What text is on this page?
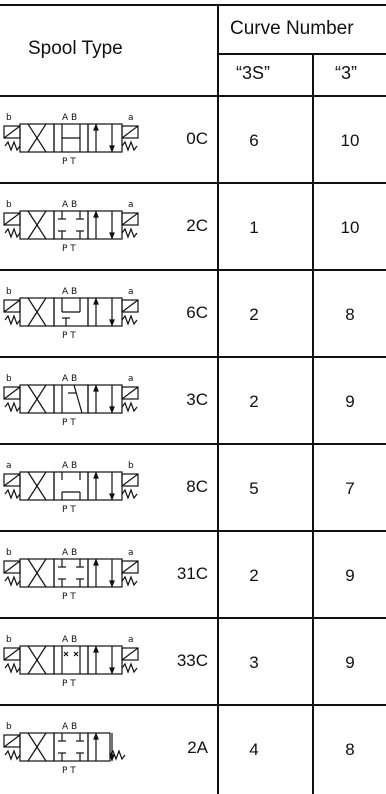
Spool Type
Curve Number
“3S”	“3”
b	a
A B
P T
0C	6	10
b	a
A B
P T
2C	1	10
b	a
A B
P T
6C	2	8
b	a
A B
P T
3C	2	9
a	b
A B
P T
8C	5	7
b	a
A B
P T
31C	2	9
b	a
A B
P T
33C	3	9
b	A B
P T
2A	4	8
